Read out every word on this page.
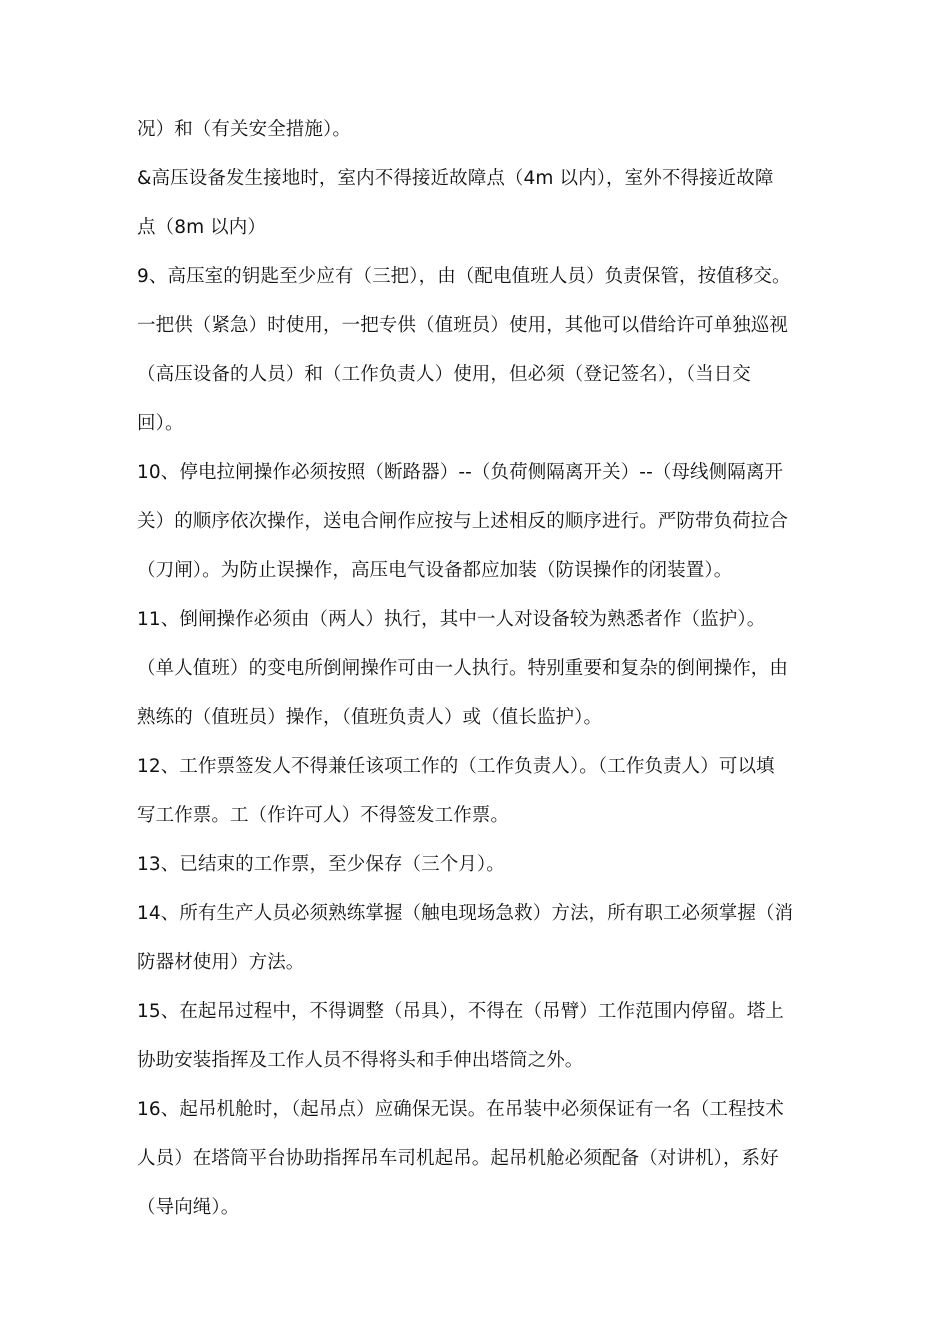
况）和（有关安全措施）。
&高压设备发生接地时，室内不得接近故障点（4m 以内），室外不得接近故障
点（8m 以内）
9、高压室的钥匙至少应有（三把），由（配电值班人员）负责保管，按值移交。
一把供（紧急）时使用，一把专供（值班员）使用，其他可以借给许可单独巡视
（高压设备的人员）和（工作负责人）使用，但必须（登记签名），（当日交
回）。
10、停电拉闸操作必须按照（断路器）--（负荷侧隔离开关）--（母线侧隔离开
关）的顺序依次操作，送电合闸作应按与上述相反的顺序进行。严防带负荷拉合
（刀闸）。为防止误操作，高压电气设备都应加装（防误操作的闭装置）。
11、倒闸操作必须由（两人）执行，其中一人对设备较为熟悉者作（监护）。
（单人值班）的变电所倒闸操作可由一人执行。特别重要和复杂的倒闸操作，由
熟练的（值班员）操作，（值班负责人）或（值长监护）。
12、工作票签发人不得兼任该项工作的（工作负责人）。（工作负责人）可以填
写工作票。工（作许可人）不得签发工作票。
13、已结束的工作票，至少保存（三个月）。
14、所有生产人员必须熟练掌握（触电现场急救）方法，所有职工必须掌握（消
防器材使用）方法。
15、在起吊过程中，不得调整（吊具），不得在（吊臂）工作范围内停留。塔上
协助安装指挥及工作人员不得将头和手伸出塔筒之外。
16、起吊机舱时，（起吊点）应确保无误。在吊装中必须保证有一名（工程技术
人员）在塔筒平台协助指挥吊车司机起吊。起吊机舱必须配备（对讲机），系好
（导向绳）。
